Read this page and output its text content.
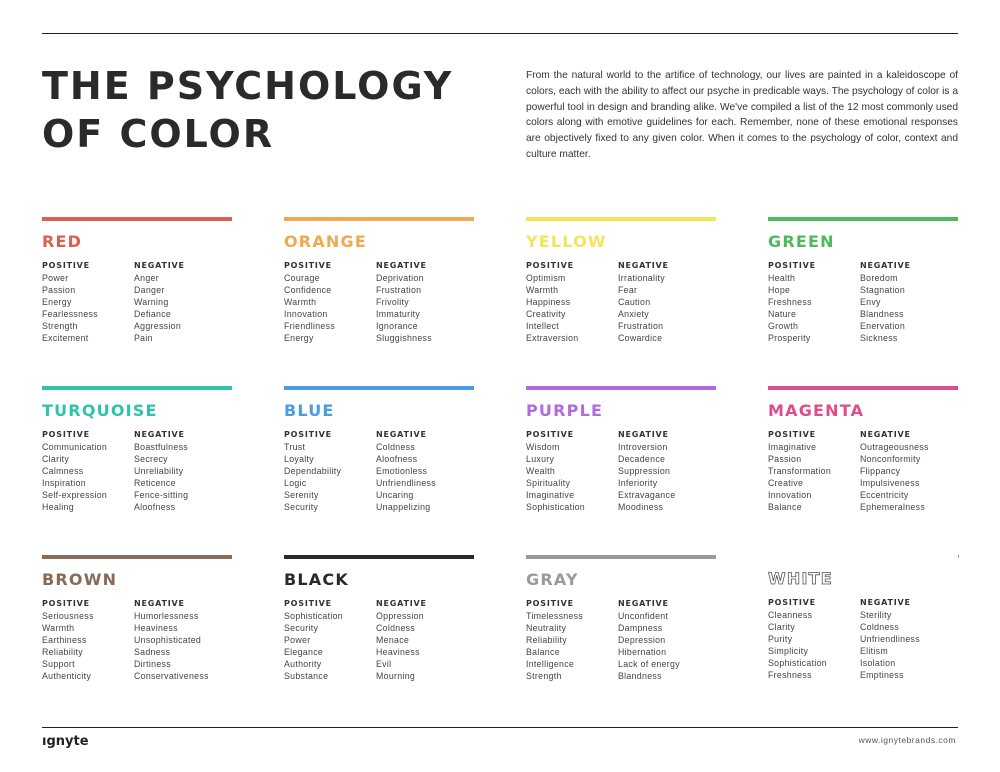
THE PSYCHOLOGY
OF COLOR
From the natural world to the artifice of technology, our lives are painted in a kaleidoscope of colors, each with the ability to affect our psyche in predicable ways. The psychology of color is a powerful tool in design and branding alike. We've compiled a list of the 12 most commonly used colors along with emotive guidelines for each. Remember, none of these emotional responses are objectively fixed to any given color. When it comes to the psychology of color, context and culture matter.
RED
POSITIVE
Power
Passion
Energy
Fearlessness
Strength
Excitement
NEGATIVE
Anger
Danger
Warning
Defiance
Aggression
Pain
ORANGE
POSITIVE
Courage
Confidence
Warmth
Innovation
Friendliness
Energy
NEGATIVE
Deprivation
Frustration
Frivolity
Immaturity
Ignorance
Sluggishness
YELLOW
POSITIVE
Optimism
Warmth
Happiness
Creativity
Intellect
Extraversion
NEGATIVE
Irrationality
Fear
Caution
Anxiety
Frustration
Cowardice
GREEN
POSITIVE
Health
Hope
Freshness
Nature
Growth
Prosperity
NEGATIVE
Boredom
Stagnation
Envy
Blandness
Enervation
Sickness
TURQUOISE
POSITIVE
Communication
Clarity
Calmness
Inspiration
Self-expression
Healing
NEGATIVE
Boastfulness
Secrecy
Unreliability
Reticence
Fence-sitting
Aloofness
BLUE
POSITIVE
Trust
Loyalty
Dependability
Logic
Serenity
Security
NEGATIVE
Coldness
Aloofness
Emotionless
Unfriendliness
Uncaring
Unappelizing
PURPLE
POSITIVE
Wisdom
Luxury
Wealth
Spirituality
Imaginative
Sophistication
NEGATIVE
Introversion
Decadence
Suppression
Inferiority
Extravagance
Moodiness
MAGENTA
POSITIVE
Imaginative
Passion
Transformation
Creative
Innovation
Balance
NEGATIVE
Outrageousness
Nonconformity
Flippancy
Impulsiveness
Eccentricity
Ephemeralness
BROWN
POSITIVE
Seriousness
Warmth
Earthiness
Reliability
Support
Authenticity
NEGATIVE
Humorlessness
Heaviness
Unsophisticated
Sadness
Dirtiness
Conservativeness
BLACK
POSITIVE
Sophistication
Security
Power
Elegance
Authority
Substance
NEGATIVE
Oppression
Coldness
Menace
Heaviness
Evil
Mourning
GRAY
POSITIVE
Timelessness
Neutrality
Reliability
Balance
Intelligence
Strength
NEGATIVE
Unconfident
Dampness
Depression
Hibernation
Lack of energy
Blandness
WHITE
POSITIVE
Cleanness
Clarity
Purity
Simplicity
Sophistication
Freshness
NEGATIVE
Sterility
Coldness
Unfriendliness
Elitism
Isolation
Emptiness
ıgnyte	www.ignytebrands.com
